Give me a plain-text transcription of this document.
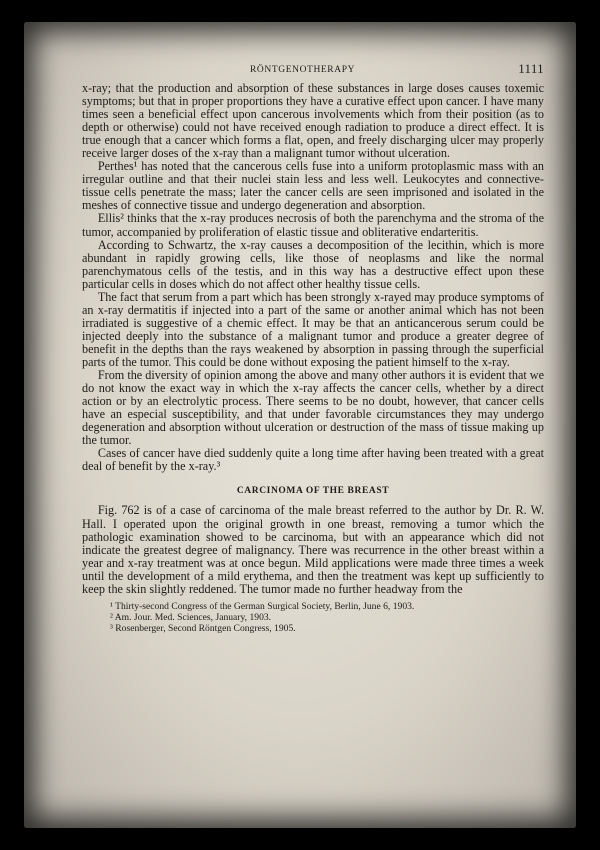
RÖNTGENOTHERAPY	1111

x-ray; that the production and absorption of these substances in large doses causes toxemic symptoms; but that in proper proportions they have a curative effect upon cancer. I have many times seen a beneficial effect upon cancerous involvements which from their position (as to depth or otherwise) could not have received enough radiation to produce a direct effect. It is true enough that a cancer which forms a flat, open, and freely discharging ulcer may properly receive larger doses of the x-ray than a malignant tumor without ulceration.

Perthes¹ has noted that the cancerous cells fuse into a uniform protoplasmic mass with an irregular outline and that their nuclei stain less and less well. Leukocytes and connective-tissue cells penetrate the mass; later the cancer cells are seen imprisoned and isolated in the meshes of connective tissue and undergo degeneration and absorption.

Ellis² thinks that the x-ray produces necrosis of both the parenchyma and the stroma of the tumor, accompanied by proliferation of elastic tissue and obliterative endarteritis.

According to Schwartz, the x-ray causes a decomposition of the lecithin, which is more abundant in rapidly growing cells, like those of neoplasms and like the normal parenchymatous cells of the testis, and in this way has a destructive effect upon these particular cells in doses which do not affect other healthy tissue cells.

The fact that serum from a part which has been strongly x-rayed may produce symptoms of an x-ray dermatitis if injected into a part of the same or another animal which has not been irradiated is suggestive of a chemic effect. It may be that an anticancerous serum could be injected deeply into the substance of a malignant tumor and produce a greater degree of benefit in the depths than the rays weakened by absorption in passing through the superficial parts of the tumor. This could be done without exposing the patient himself to the x-ray.

From the diversity of opinion among the above and many other authors it is evident that we do not know the exact way in which the x-ray affects the cancer cells, whether by a direct action or by an electrolytic process. There seems to be no doubt, however, that cancer cells have an especial susceptibility, and that under favorable circumstances they may undergo degeneration and absorption without ulceration or destruction of the mass of tissue making up the tumor.

Cases of cancer have died suddenly quite a long time after having been treated with a great deal of benefit by the x-ray.³

CARCINOMA OF THE BREAST

Fig. 762 is of a case of carcinoma of the male breast referred to the author by Dr. R. W. Hall. I operated upon the original growth in one breast, removing a tumor which the pathologic examination showed to be carcinoma, but with an appearance which did not indicate the greatest degree of malignancy. There was recurrence in the other breast within a year and x-ray treatment was at once begun. Mild applications were made three times a week until the development of a mild erythema, and then the treatment was kept up sufficiently to keep the skin slightly reddened. The tumor made no further headway from the

¹ Thirty-second Congress of the German Surgical Society, Berlin, June 6, 1903.
² Am. Jour. Med. Sciences, January, 1903.
³ Rosenberger, Second Röntgen Congress, 1905.
